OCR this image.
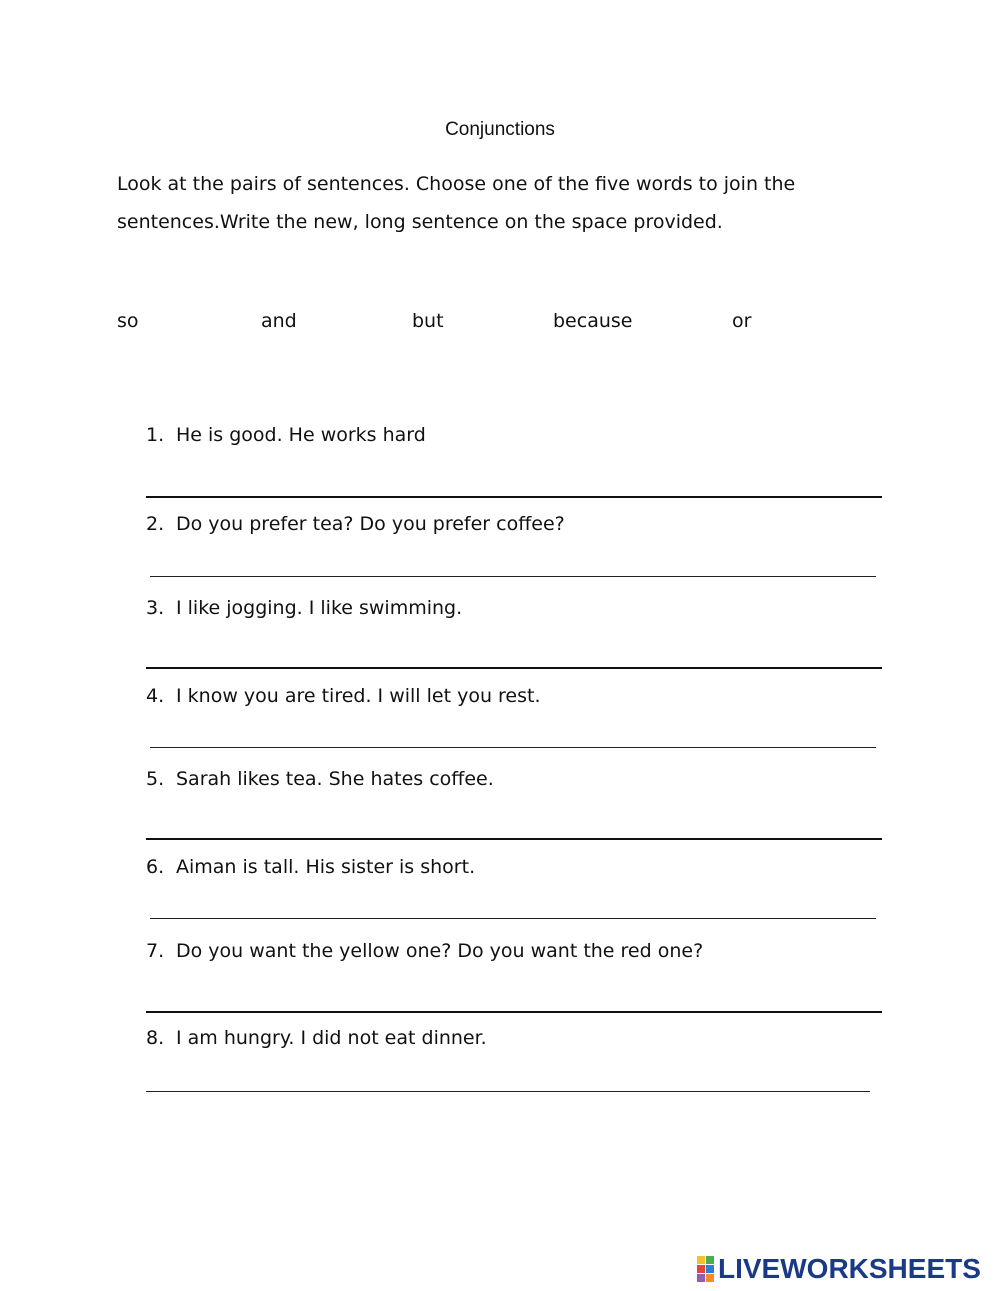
Conjunctions
Look at the pairs of sentences. Choose one of the five words to join the sentences.Write the new, long sentence on the space provided.
so	and	but	because	or
1. He is good. He works hard
2. Do you prefer tea? Do you prefer coffee?
3. I like jogging. I like swimming.
4. I know you are tired. I will let you rest.
5. Sarah likes tea. She hates coffee.
6. Aiman is tall. His sister is short.
7. Do you want the yellow one? Do you want the red one?
8. I am hungry. I did not eat dinner.
LIVEWORKSHEETS
